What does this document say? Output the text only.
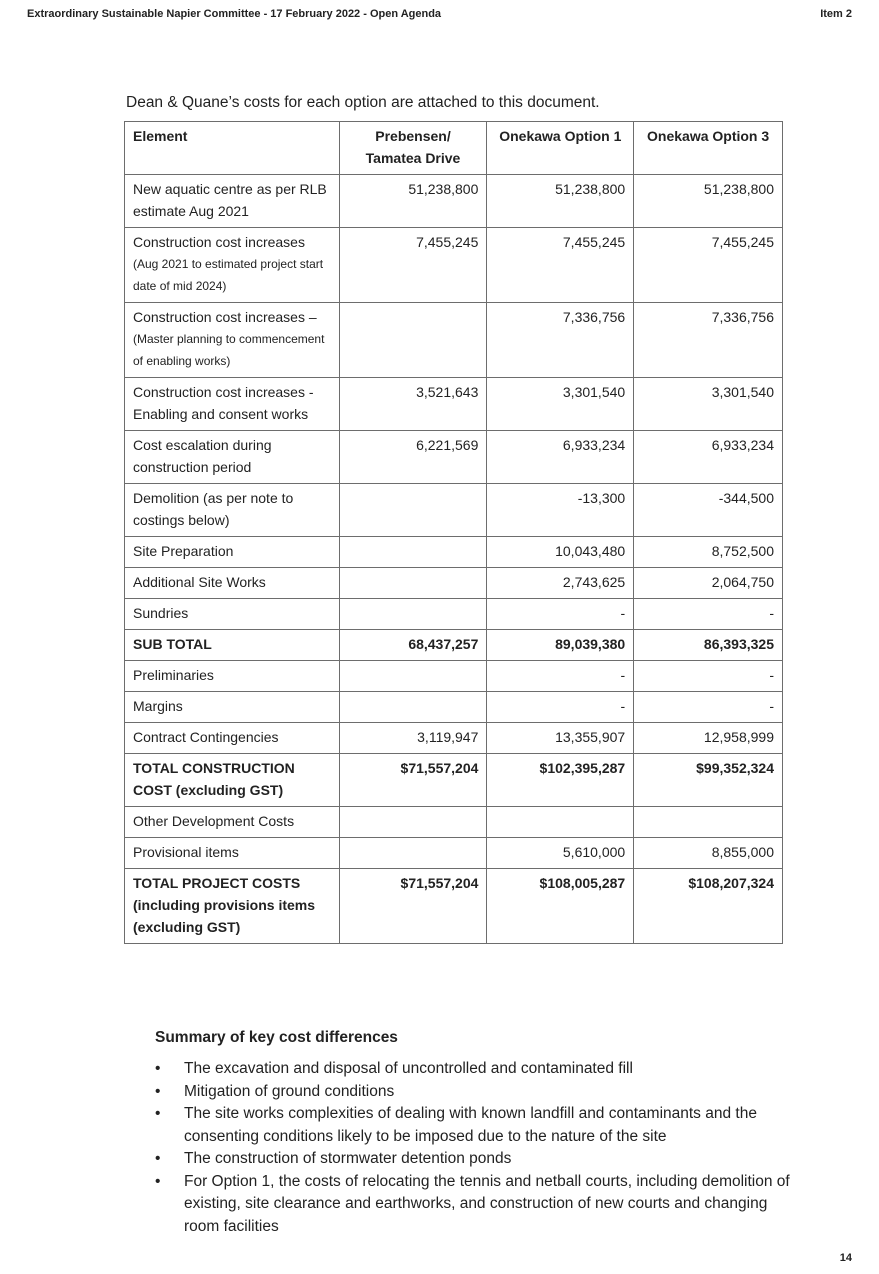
Extraordinary Sustainable Napier Committee - 17 February 2022 - Open Agenda	Item 2
Dean & Quane’s costs for each option are attached to this document.
Element	Prebensen/ Tamatea Drive	Onekawa Option 1	Onekawa Option 3

New aquatic centre as per RLB estimate Aug 2021	51,238,800	51,238,800	51,238,800

Construction cost increases
(Aug 2021 to estimated project start date of mid 2024)	7,455,245	7,455,245	7,455,245

Construction cost increases –
(Master planning to commencement of enabling works)		7,336,756	7,336,756

Construction cost increases - Enabling and consent works	3,521,643	3,301,540	3,301,540

Cost escalation during construction period	6,221,569	6,933,234	6,933,234

Demolition (as per note to costings below)		-13,300	-344,500

Site Preparation		10,043,480	8,752,500

Additional Site Works		2,743,625	2,064,750

Sundries		-	-

SUB TOTAL	68,437,257	89,039,380	86,393,325

Preliminaries		-	-

Margins		-	-

Contract Contingencies	3,119,947	13,355,907	12,958,999

TOTAL CONSTRUCTION COST (excluding GST)	$71,557,204	$102,395,287	$99,352,324

Other Development Costs			

Provisional items		5,610,000	8,855,000

TOTAL PROJECT COSTS (including provisions items (excluding GST)	$71,557,204	$108,005,287	$108,207,324
Summary of key cost differences
• The excavation and disposal of uncontrolled and contaminated fill
• Mitigation of ground conditions
• The site works complexities of dealing with known landfill and contaminants and the consenting conditions likely to be imposed due to the nature of the site
• The construction of stormwater detention ponds
• For Option 1, the costs of relocating the tennis and netball courts, including demolition of existing, site clearance and earthworks, and construction of new courts and changing room facilities
14
